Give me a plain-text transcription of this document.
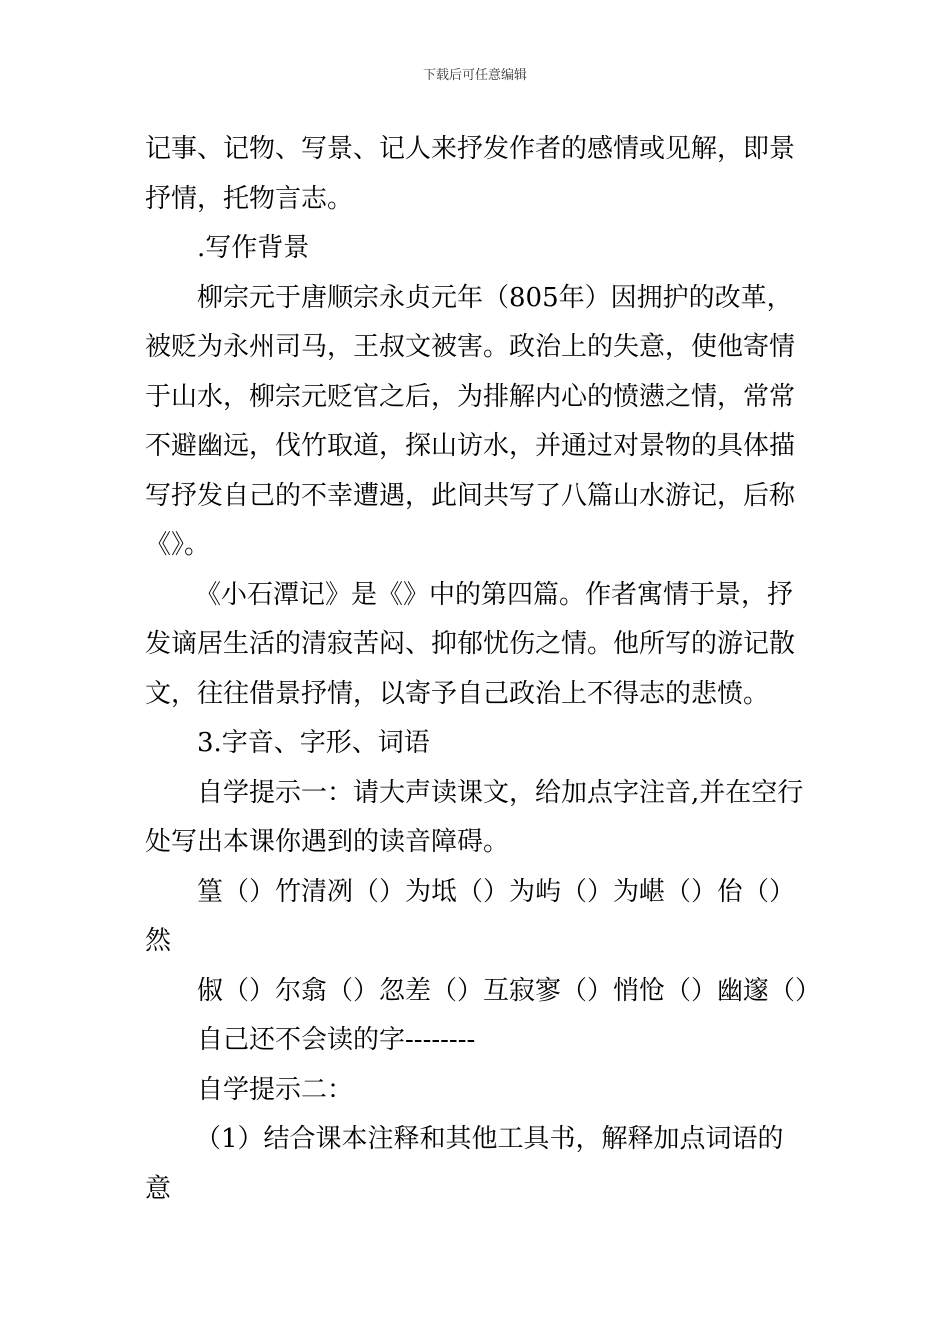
下载后可任意编辑

记事、记物、写景、记人来抒发作者的感情或见解，即景抒情，托物言志。

.写作背景

柳宗元于唐顺宗永贞元年（805年）因拥护的改革，被贬为永州司马，王叔文被害。政治上的失意，使他寄情于山水，柳宗元贬官之后，为排解内心的愤懑之情，常常不避幽远，伐竹取道，探山访水，并通过对景物的具体描写抒发自己的不幸遭遇，此间共写了八篇山水游记，后称《》。

《小石潭记》是《》中的第四篇。作者寓情于景，抒发谪居生活的清寂苦闷、抑郁忧伤之情。他所写的游记散文，往往借景抒情，以寄予自己政治上不得志的悲愤。

3.字音、字形、词语

自学提示一：请大声读课文，给加点字注音,并在空行处写出本课你遇到的读音障碍。

篁（）竹清冽（）为坻（）为屿（）为嵁（）佁（）然

俶（）尔翕（）忽差（）互寂寥（）悄怆（）幽邃（）

自己还不会读的字--------

自学提示二：

（1）结合课本注释和其他工具书，解释加点词语的意
